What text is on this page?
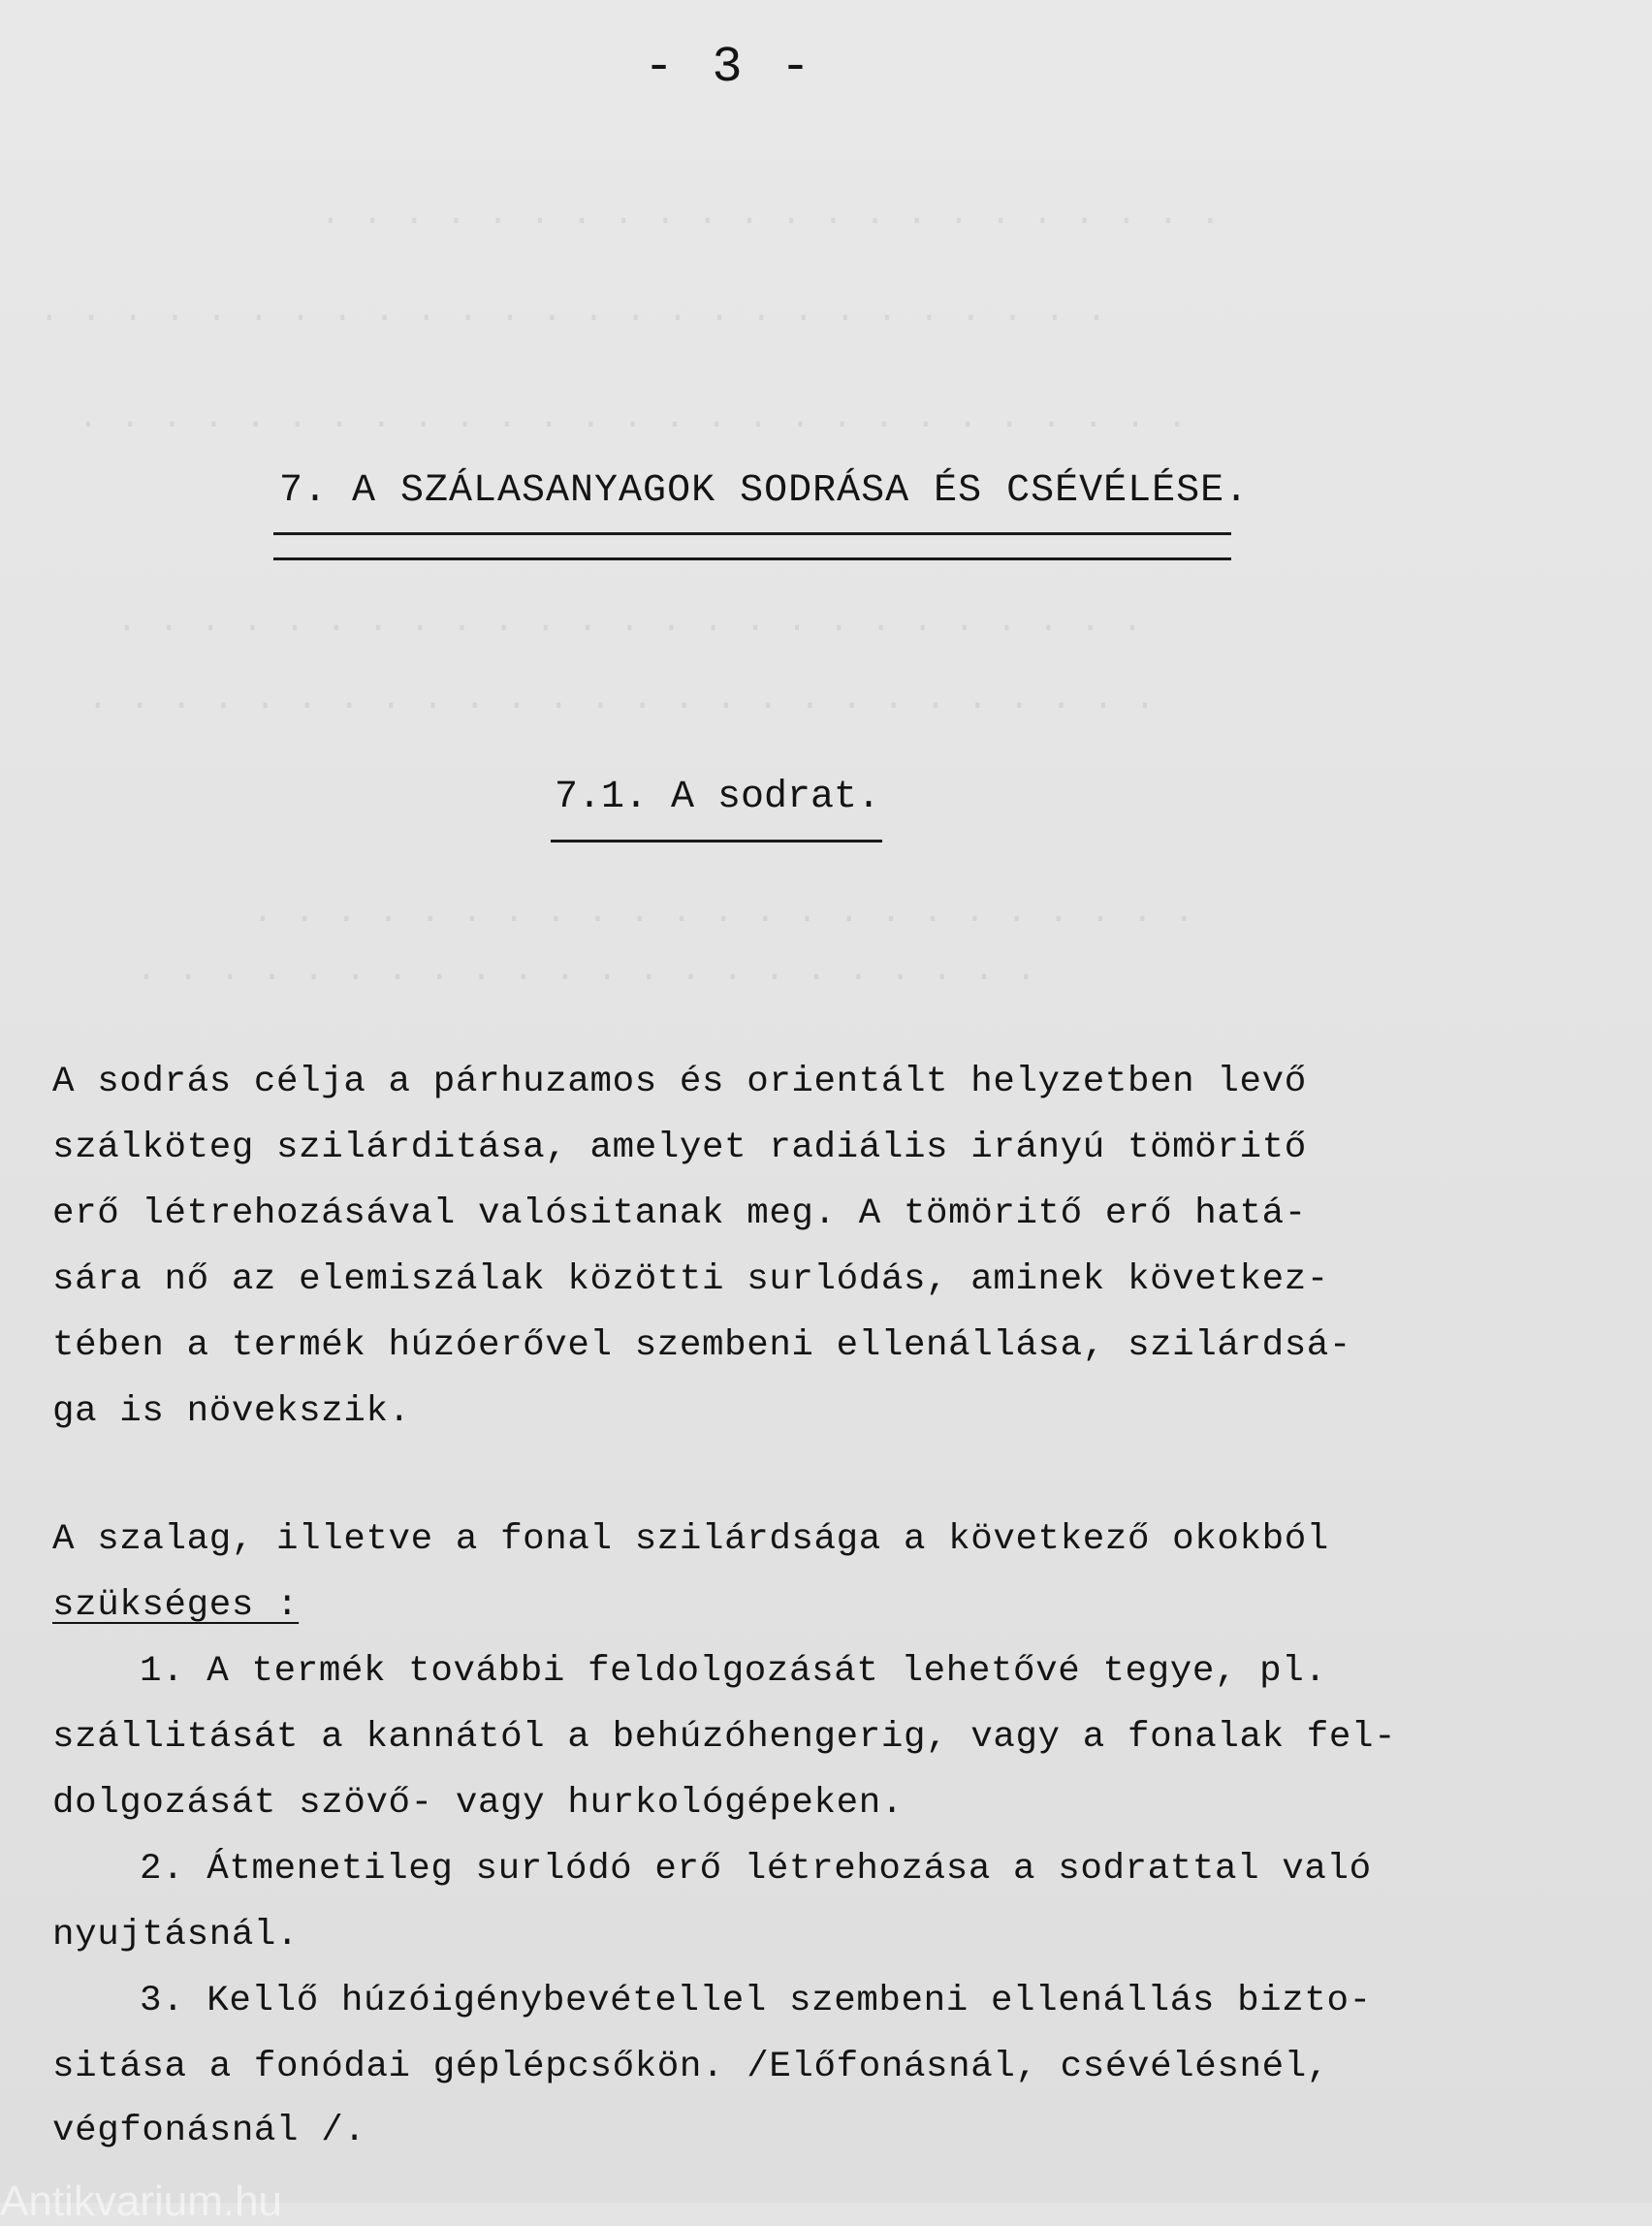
. . . . . . . . . . . . . . . . . . . . . .
. . . . . . . . . . . . . . . . . . . . . . . . . .
. . . . . . . . . . . . . . . . . . . . . . . . . . .
. . . . . . . . . . . . . . . . . . . . . . . . .
. . . . . . . . . . . . . . . . . . . . . . . . . .
. . . . . . . . . . . . . . . . . . . . . . .
. . . . . . . . . . . . . . . . . . . . . .
- 3 -
7. A SZÁLASANYAGOK SODRÁSA ÉS CSÉVÉLÉSE.
7.1. A sodrat.
A sodrás célja a párhuzamos és orientált helyzetben levő
szálköteg szilárditása, amelyet radiális irányú tömöritő
erő létrehozásával valósitanak meg. A tömöritő erő hatá-
sára nő az elemiszálak közötti surlódás, aminek következ-
tében a termék húzóerővel szembeni ellenállása, szilárdsá-
ga is növekszik.
A szalag, illetve a fonal szilárdsága a következő okokból
szükséges :
1. A termék további feldolgozását lehetővé tegye, pl.
szállitását a kannától a behúzóhengerig, vagy a fonalak fel-
dolgozását szövő- vagy hurkológépeken.
2. Átmenetileg surlódó erő létrehozása a sodrattal való
nyujtásnál.
3. Kellő húzóigénybevétellel szembeni ellenállás bizto-
sitása a fonódai géplépcsőkön. /Előfonásnál, csévélésnél,
végfonásnál /.
Antikvarium.hu
